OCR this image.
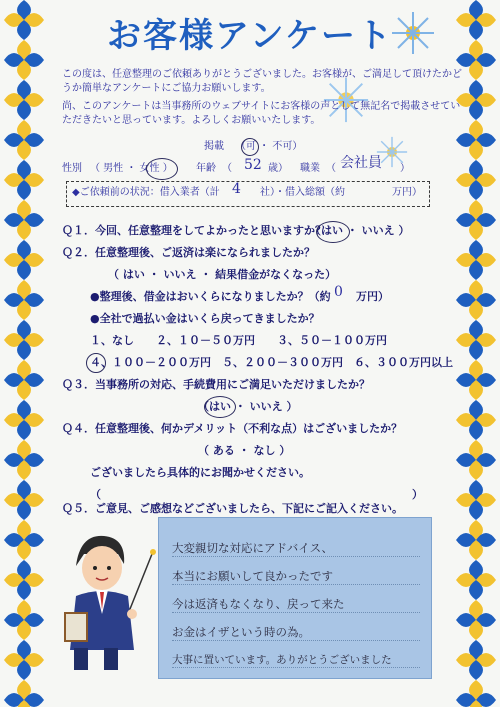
お客様アンケート
この度は、任意整理のご依頼ありがとうございました。お客様が、ご満足して頂けたかど
うか簡単なアンケートにご協力お願いします。
尚、このアンケートは当事務所のウェブサイトにお客様の声として無記名で掲載させてい
ただきたいと思っています。よろしくお願いいたします。
掲載 （可 ・ 不可）
性別 （ 男性 ・ 女性 ） 年齢 （ 52 歳） 職業 （ 会社員 ）
◆ご依頼前の状況：借入業者（計 4 社）・借入総額（約	万円）
Ｑ１．今回、任意整理をしてよかったと思いますか？
（はい ・ いいえ ）
Ｑ２．任意整理後、ご返済は楽になられましたか？
（ はい ・ いいえ ・ 結果借金がなくなった）
●整理後、借金はおいくらになりましたか？（約 0 万円）
●全社で過払い金はいくら戻ってきましたか？
１、なし　　２、１０－５０万円　　３、５０－１００万円
４、１００－２００万円　５、２００－３００万円　６、３００万円以上
Ｑ３．当事務所の対応、手続費用にご満足いただけましたか？
（はい ・ いいえ ）
Ｑ４．任意整理後、何かデメリット（不利な点）はございましたか？
（ ある ・ なし ）
ございましたら具体的にお聞かせください。
（	）
Ｑ５．ご意見、ご感想などございましたら、下記にご記入ください。
大変親切な対応にアドバイス、
本当にお願いして良かったです
今は返済もなくなり、戻って来た
お金はイザという時の為。
大事に置いています。ありがとうございました
